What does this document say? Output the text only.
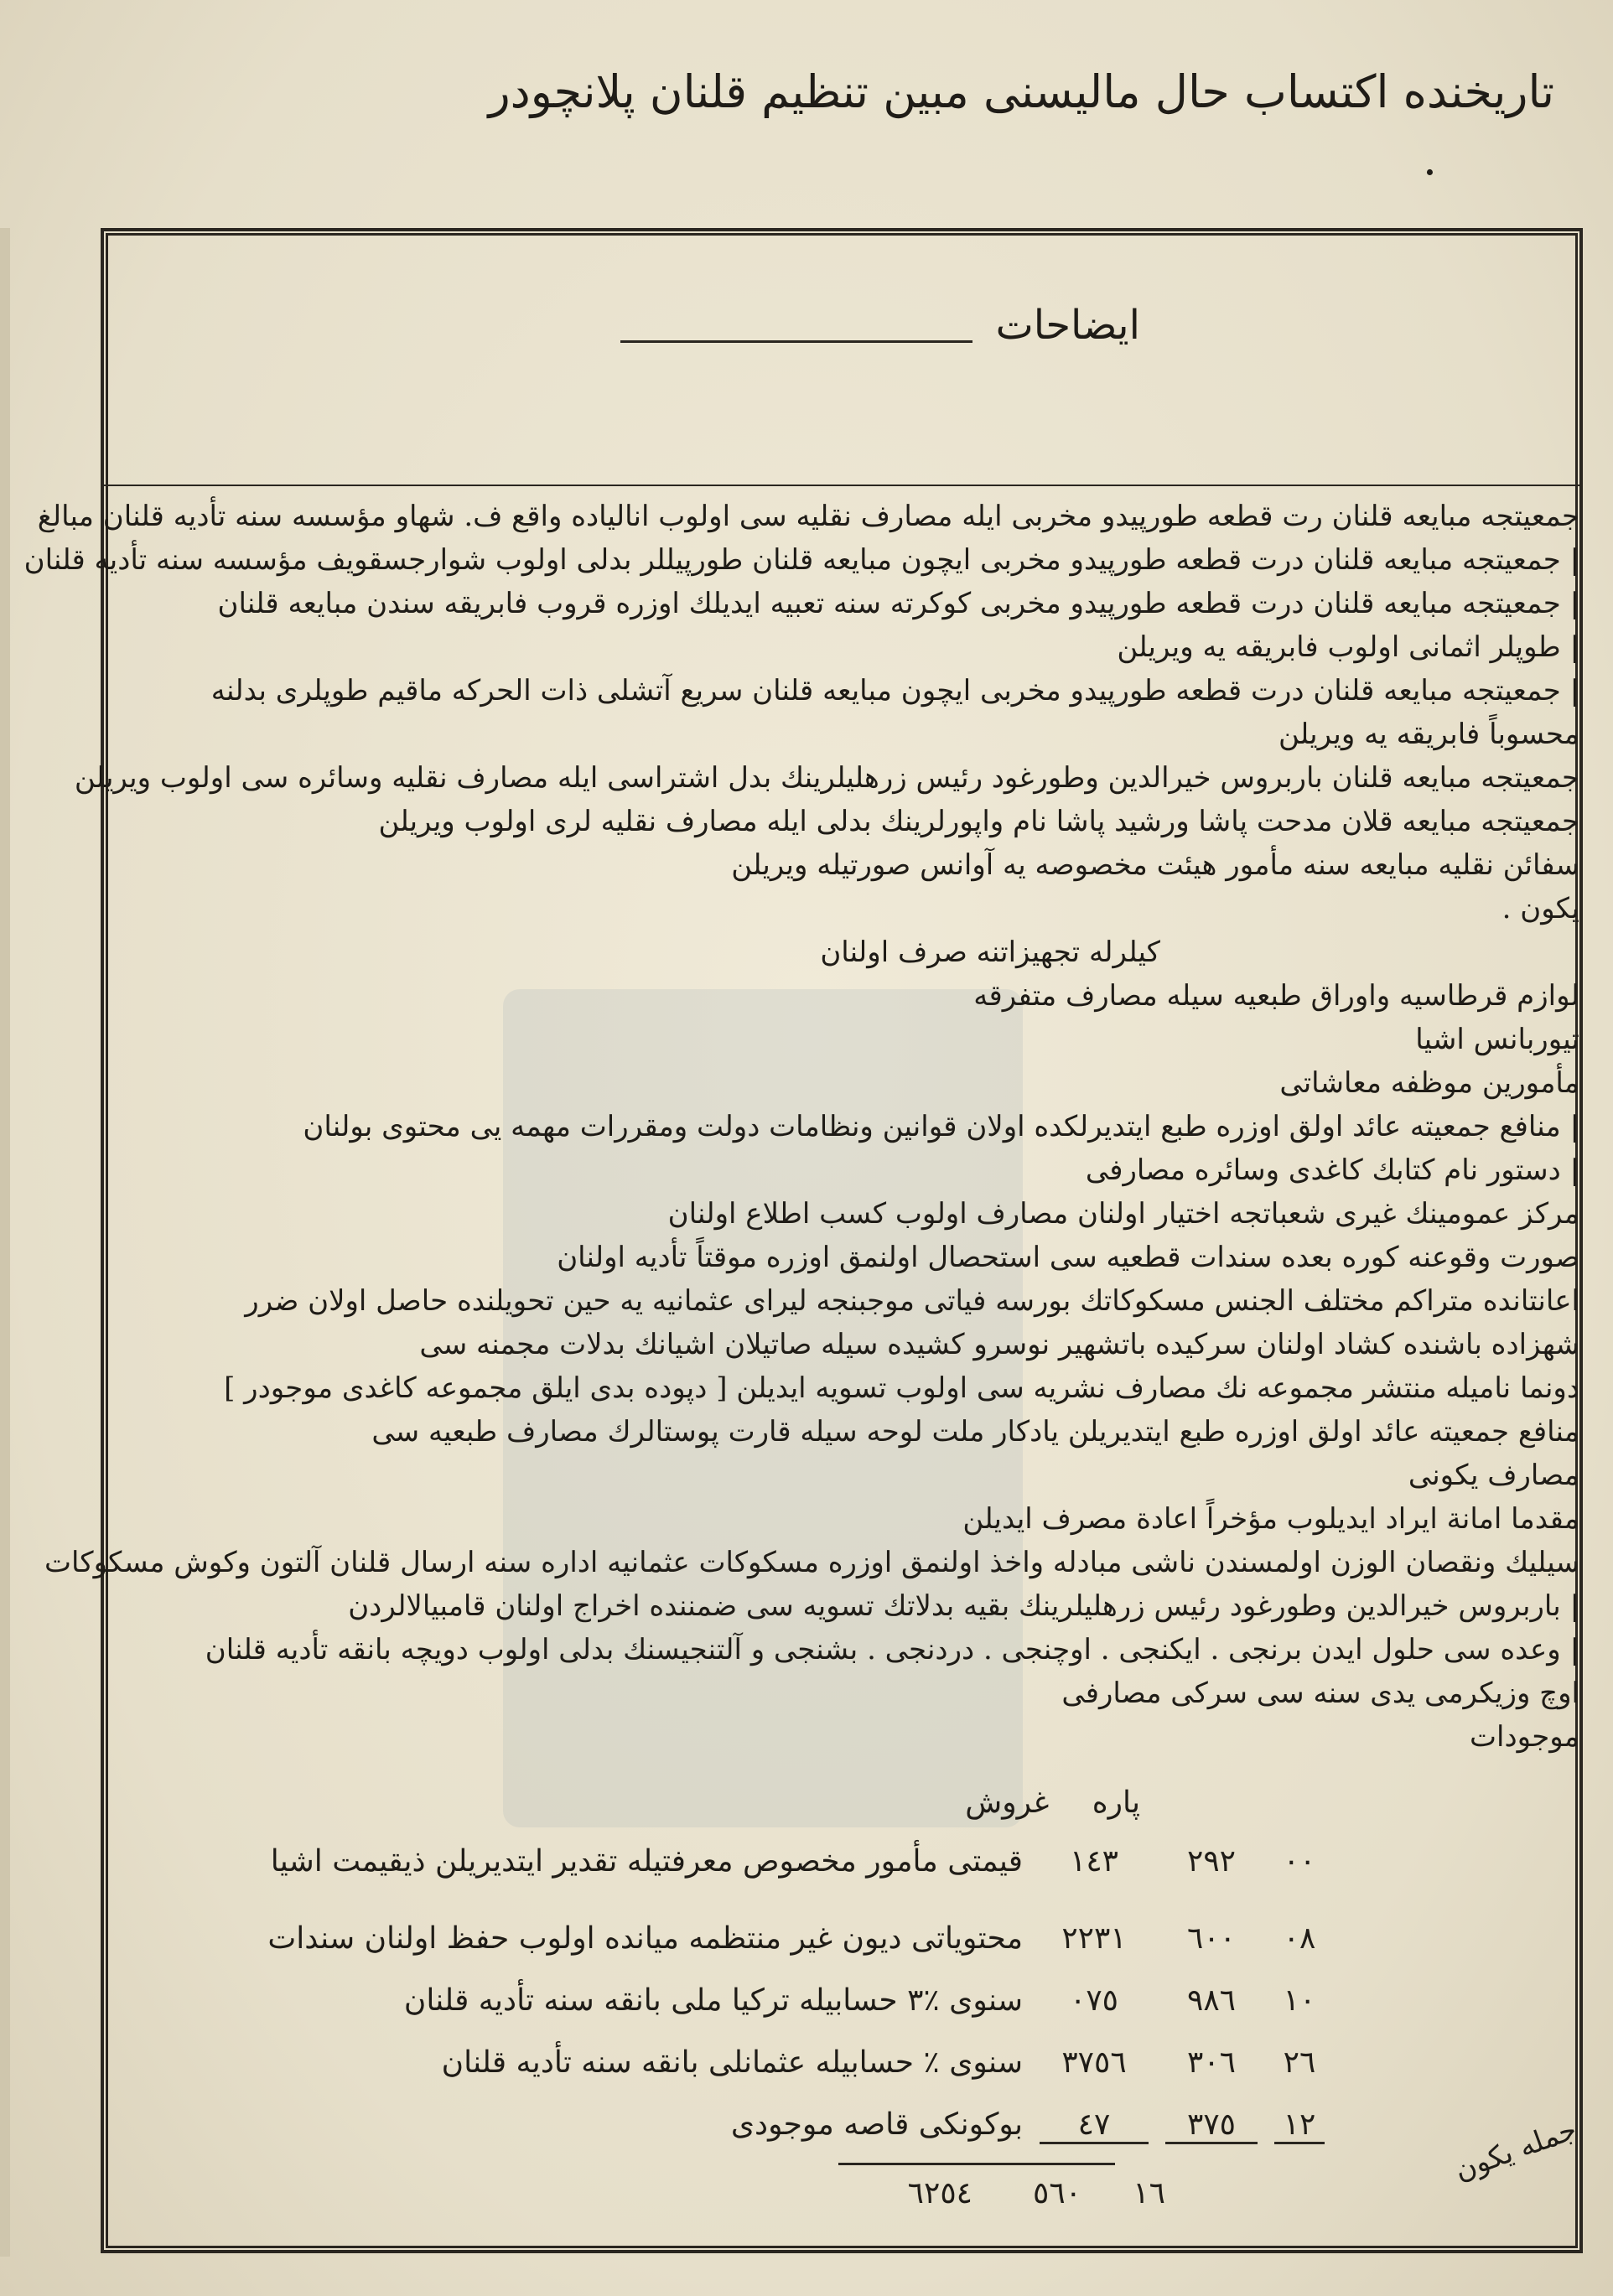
تاریخنده اکتساب حال مالیسنی مبین تنظیم قلنان پلانچودر
.
ایضاحات
جمعیتجه مبایعه قلنان رت قطعه طورپیدو مخربی ایله مصارف نقلیه سی اولوب انالیاده واقع ف. شهاو مؤسسه سنه تأدیه قلنان مبالغ
| جمعیتجه مبایعه قلنان درت قطعه طورپیدو مخربی ایچون مبایعه قلنان طورپیللر بدلی اولوب شوارجسقویف مؤسسه سنه تأدیه قلنان
| جمعیتجه مبایعه قلنان درت قطعه طورپیدو مخربی کوکرته سنه تعبیه ایدیلك اوزره قروب فابریقه سندن مبایعه قلنان
| طوپلر اثمانی اولوب فابریقه یه ویریلن
| جمعیتجه مبایعه قلنان درت قطعه طورپیدو مخربی ایچون مبایعه قلنان سریع آتشلی ذات الحرکه ماقیم طوپلری بدلنه
محسوباً فابریقه یه ویریلن
جمعیتجه مبایعه قلنان باربروس خیرالدین وطورغود رئیس زرهلیلرینك بدل اشتراسی ایله مصارف نقلیه وسائره سی اولوب ویریلن
جمعیتجه مبایعه قلان مدحت پاشا ورشید پاشا نام واپورلرینك بدلی ایله مصارف نقلیه لری اولوب ویریلن
سفائن نقلیه مبایعه سنه مأمور هیئت مخصوصه یه آوانس صورتیله ویریلن
یکون .
کیلرله تجهیزاتنه صرف اولنان
لوازم قرطاسیه واوراق طبعیه سیله مصارف متفرقه
تیوربانس اشیا
مأمورین موظفه معاشاتی
| منافع جمعیته عائد اولق اوزره طبع ایتدیرلکده اولان قوانین ونظامات دولت ومقررات مهمه یی محتوی بولنان
| دستور نام کتابك کاغدی وسائره مصارفی
مرکز عمومینك غیری شعباتجه اختیار اولنان مصارف اولوب کسب اطلاع اولنان
صورت وقوعنه کوره بعده سندات قطعیه سی استحصال اولنمق اوزره موقتاً تأدیه اولنان
اعانتانده متراکم مختلف الجنس مسکوکاتك بورسه فیاتی موجبنجه لیرای عثمانیه یه حین تحویلنده حاصل اولان ضرر
شهزاده باشنده کشاد اولنان سرکیده باتشهیر نوسرو کشیده سیله صاتیلان اشیانك بدلات مجمنه سی
دونما نامیله منتشر مجموعه نك مصارف نشریه سی اولوب تسویه ایدیلن [ دپوده بدی ایلق مجموعه کاغدی موجودر ]
منافع جمعیته عائد اولق اوزره طبع ایتدیریلن یادکار ملت لوحه سیله قارت پوستالرك مصارف طبعیه سی
مصارف یکونی
مقدما امانة ایراد ایدیلوب مؤخراً اعادة مصرف ایدیلن
سیلیك ونقصان الوزن اولمسندن ناشی مبادله واخذ اولنمق اوزره مسکوکات عثمانیه اداره سنه ارسال قلنان آلتون وکوش مسکوکات
| باربروس خیرالدین وطورغود رئیس زرهلیلرینك بقیه بدلاتك تسویه سی ضمننده اخراج اولنان قامبیالالردن
| وعده سی حلول ایدن برنجی . ایکنجی . اوچنجی . دردنجی . بشنجی و آلتنجیسنك بدلی اولوب دویچه بانقه تأدیه قلنان
اوچ وزیکرمی یدی سنه سی سرکی مصارفی
موجودات
پاره غروش
٠٠
٢٩٢
١٤٣
قیمتی مأمور مخصوص معرفتیله تقدیر ایتدیریلن ذیقیمت اشیا
٠٨
٦٠٠
٢٢٣١
محتویاتی دیون غیر منتظمه میانده اولوب حفظ اولنان سندات
١٠
٩٨٦
٠٧٥
سنوی ٪٣ حسابیله ترکیا ملی بانقه سنه تأدیه قلنان
٢٦
٣٠٦
٣٧٥٦
سنوی ٪ حسابیله عثمانلی بانقه سنه تأدیه قلنان
١٢
٣٧٥
٤٧
بوکونکی قاصه موجودی
١٦
٥٦٠
٦٢٥٤
جمله یکون
